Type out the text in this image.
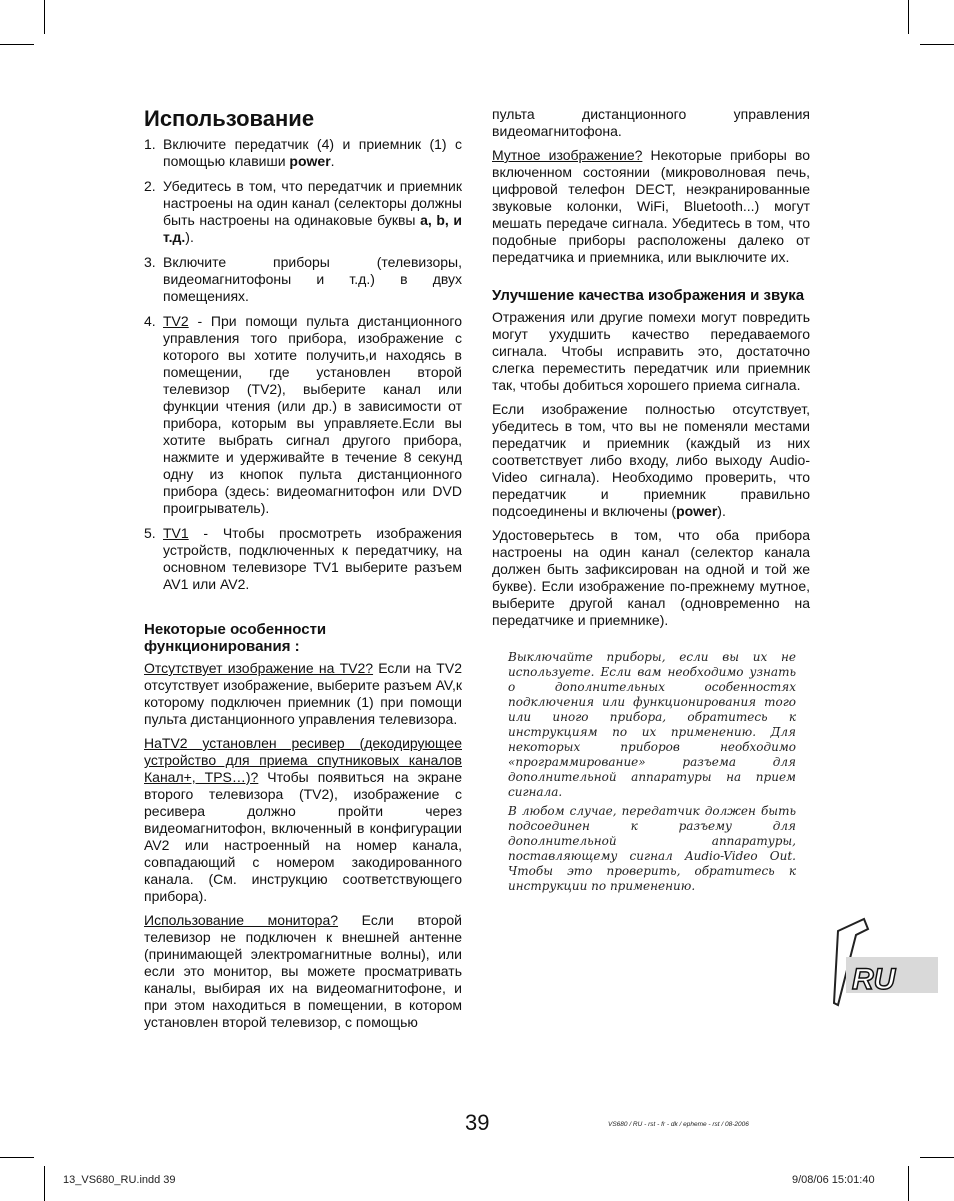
Использование
1. Включите передатчик (4) и приемник (1) с помощью клавиши power.
2. Убедитесь в том, что передатчик и приемник настроены на один канал (селекторы должны быть настроены на одинаковые буквы a, b, и т.д.).
3. Включите приборы (телевизоры, видеомагнитофоны и т.д.) в двух помещениях.
4. TV2 - При помощи пульта дистанционного управления того прибора, изображение с которого вы хотите получить,и находясь в помещении, где установлен второй телевизор (TV2), выберите канал или функции чтения (или др.) в зависимости от прибора, которым вы управляете.Если вы хотите выбрать сигнал другого прибора, нажмите и удерживайте в течение 8 секунд одну из кнопок пульта дистанционного прибора (здесь: видеомагнитофон или DVD проигрыватель).
5. TV1 - Чтобы просмотреть изображения устройств, подключенных к передатчику, на основном телевизоре TV1 выберите разъем AV1 или AV2.
Некоторые особенности функционирования :

Отсутствует изображение на TV2? Если на TV2 отсутствует изображение, выберите разъем AV,к которому подключен приемник (1) при помощи пульта дистанционного управления телевизора.

НаTV2 установлен ресивер (декодирующее устройство для приема спутниковых каналов Канал+, TPS…)? Чтобы появиться на экране второго телевизора (TV2), изображение с ресивера должно пройти через видеомагнитофон, включенный в конфигурации AV2 или настроенный на номер канала, совпадающий с номером закодированного канала. (См. инструкцию соответствующего прибора).

Использование монитора? Если второй телевизор не подключен к внешней антенне (принимающей электромагнитные волны), или если это монитор, вы можете просматривать каналы, выбирая их на видеомагнитофоне, и при этом находиться в помещении, в котором установлен второй телевизор, с помощью

пульта дистанционного управления видеомагнитофона.

Мутное изображение? Некоторые приборы во включенном состоянии (микроволновая печь, цифровой телефон DECT, неэкранированные звуковые колонки, WiFi, Bluetooth...) могут мешать передаче сигнала. Убедитесь в том, что подобные приборы расположены далеко от передатчика и приемника, или выключите их.

Улучшение качества изображения и звука

Отражения или другие помехи могут повредить могут ухудшить качество передаваемого сигнала. Чтобы исправить это, достаточно слегка переместить передатчик или приемник так, чтобы добиться хорошего приема сигнала.

Если изображение полностью отсутствует, убедитесь в том, что вы не поменяли местами передатчик и приемник (каждый из них соответствует либо входу, либо выходу Audio-Video сигнала). Необходимо проверить, что передатчик и приемник правильно подсоединены и включены (power).

Удостоверьтесь в том, что оба прибора настроены на один канал (селектор канала должен быть зафиксирован на одной и той же букве). Если изображение по-прежнему мутное, выберите другой канал (одновременно на передатчике и приемнике).

Выключайте приборы, если вы их не используете. Если вам необходимо узнать о дополнительных особенностях подключения или функционирования того или иного прибора, обратитесь к инструкциям по их применению. Для некоторых приборов необходимо «программирование» разъема для дополнительной аппаратуры на прием сигнала.

В любом случае, передатчик должен быть подсоединен к разъему для дополнительной аппаратуры, поставляющему сигнал Audio-Video Out. Чтобы это проверить, обратитесь к инструкции по применению.

RU
39	VS680 / RU - rst - fr - dk / epheme - rst / 08-2006
13_VS680_RU.indd 39	9/08/06 15:01:40
